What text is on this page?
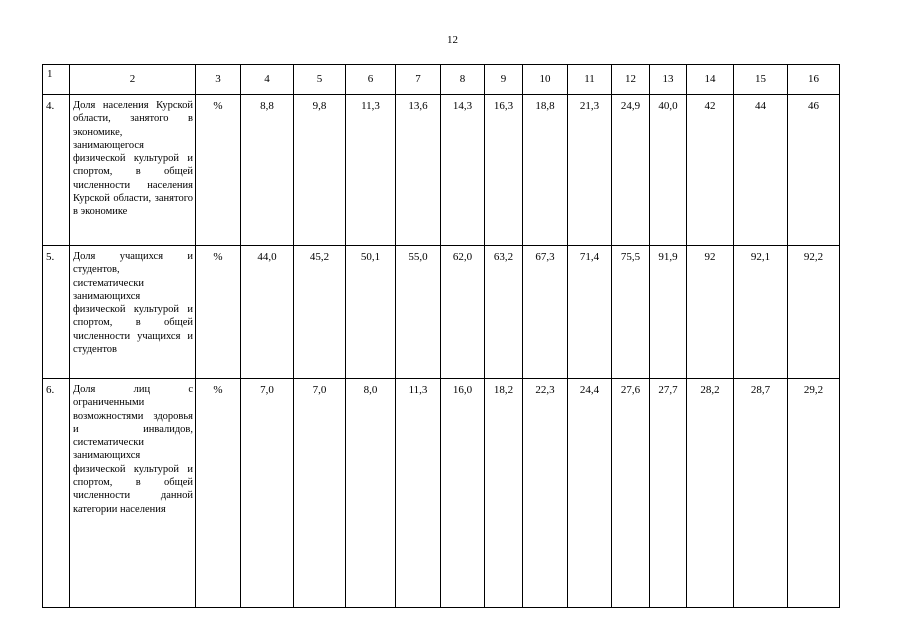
12
1	2	3	4	5	6	7	8	9	10	11	12	13	14	15	16
4.	Доля населения Курской области, занятого в экономике, занимающегося физической культурой и спортом, в общей численности населения Курской области, занятого в экономике	%	8,8	9,8	11,3	13,6	14,3	16,3	18,8	21,3	24,9	40,0	42	44	46
5.	Доля учащихся и студентов, систематически занимающихся физической культурой и спортом, в общей численности учащихся и студентов	%	44,0	45,2	50,1	55,0	62,0	63,2	67,3	71,4	75,5	91,9	92	92,1	92,2
6.	Доля лиц с ограниченными возможностями здоровья и инвалидов, систематически занимающихся физической культурой и спортом, в общей численности данной категории населения	%	7,0	7,0	8,0	11,3	16,0	18,2	22,3	24,4	27,6	27,7	28,2	28,7	29,2
